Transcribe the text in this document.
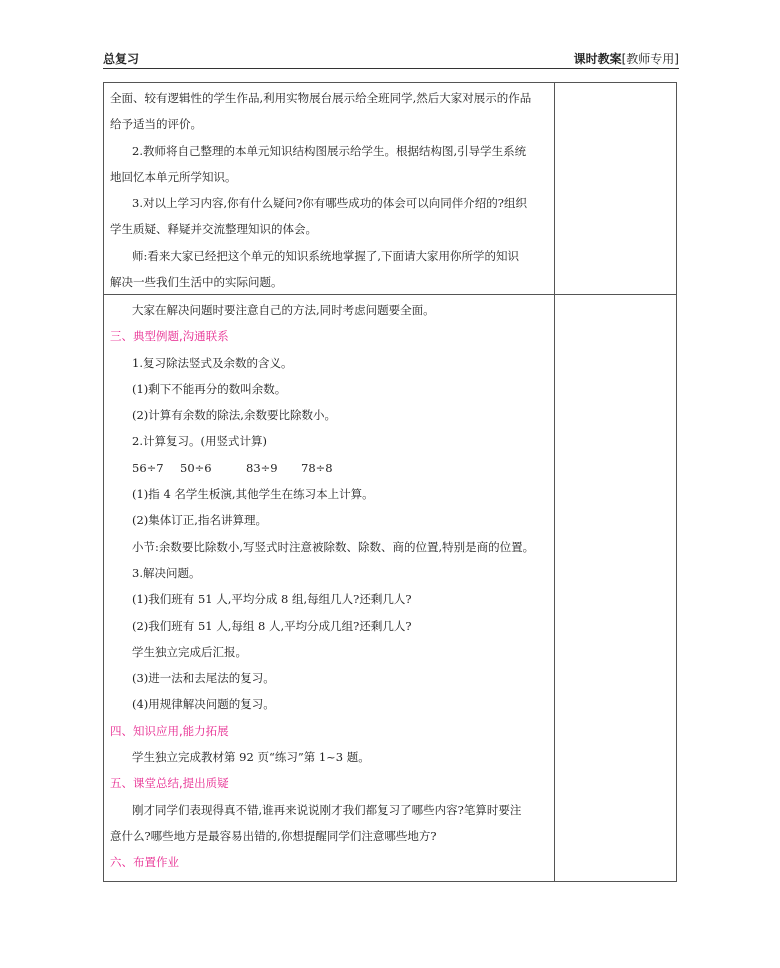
总复习	课时教案[教师专用]

全面、较有逻辑性的学生作品,利用实物展台展示给全班同学,然后大家对展示的作品

给予适当的评价。

2.教师将自己整理的本单元知识结构图展示给学生。根据结构图,引导学生系统

地回忆本单元所学知识。

3.对以上学习内容,你有什么疑问?你有哪些成功的体会可以向同伴介绍的?组织

学生质疑、释疑并交流整理知识的体会。

师:看来大家已经把这个单元的知识系统地掌握了,下面请大家用你所学的知识

解决一些我们生活中的实际问题。

大家在解决问题时要注意自己的方法,同时考虑问题要全面。

三、典型例题,沟通联系

1.复习除法竖式及余数的含义。

(1)剩下不能再分的数叫余数。

(2)计算有余数的除法,余数要比除数小。

2.计算复习。(用竖式计算)

56÷7 50÷6	83÷9 78÷8

(1)指 4 名学生板演,其他学生在练习本上计算。

(2)集体订正,指名讲算理。

小节:余数要比除数小,写竖式时注意被除数、除数、商的位置,特别是商的位置。

3.解决问题。

(1)我们班有 51 人,平均分成 8 组,每组几人?还剩几人?

(2)我们班有 51 人,每组 8 人,平均分成几组?还剩几人?

学生独立完成后汇报。

(3)进一法和去尾法的复习。

(4)用规律解决问题的复习。

四、知识应用,能力拓展

学生独立完成教材第 92 页“练习”第 1~3 题。

五、课堂总结,提出质疑

刚才同学们表现得真不错,谁再来说说刚才我们都复习了哪些内容?笔算时要注

意什么?哪些地方是最容易出错的,你想提醒同学们注意哪些地方?

六、布置作业
